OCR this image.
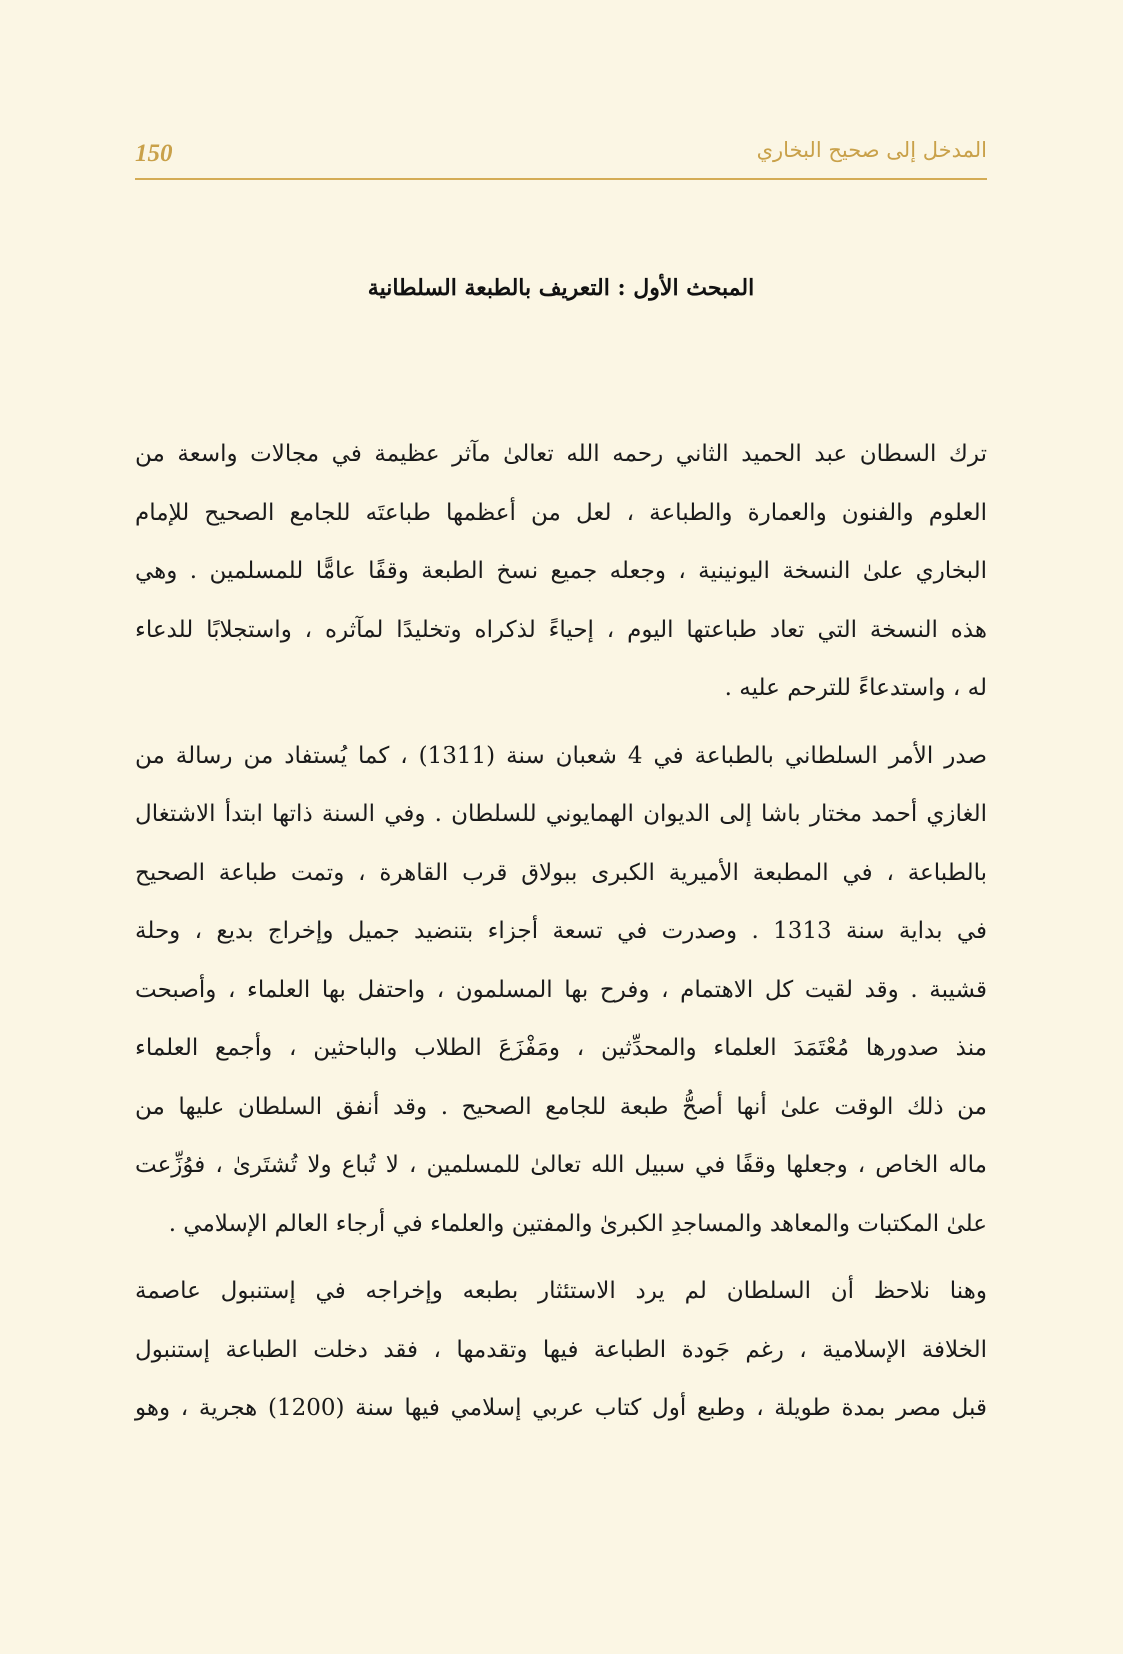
150	المدخل إلى صحيح البخاري
المبحث الأول : التعريف بالطبعة السلطانية

ترك السطان عبد الحميد الثاني رحمه الله تعالىٰ مآثر عظيمة في مجالات واسعة من
العلوم والفنون والعمارة والطباعة ، لعل من أعظمها طباعتَه للجامع الصحيح للإمام
البخاري علىٰ النسخة اليونينية ، وجعله جميع نسخ الطبعة وقفًا عامًّا للمسلمين . وهي
هذه النسخة التي تعاد طباعتها اليوم ، إحياءً لذكراه وتخليدًا لمآثره ، واستجلابًا للدعاء
له ، واستدعاءً للترحم عليه .

صدر الأمر السلطاني بالطباعة في 4 شعبان سنة (1311) ، كما يُستفاد من رسالة من
الغازي أحمد مختار باشا إلى الديوان الهمايوني للسلطان . وفي السنة ذاتها ابتدأ الاشتغال
بالطباعة ، في المطبعة الأميرية الكبرى ببولاق قرب القاهرة ، وتمت طباعة الصحيح
في بداية سنة 1313 . وصدرت في تسعة أجزاء بتنضيد جميل وإخراج بديع ، وحلة
قشيبة . وقد لقيت كل الاهتمام ، وفرح بها المسلمون ، واحتفل بها العلماء ، وأصبحت
منذ صدورها مُعْتَمَدَ العلماء والمحدِّثين ، ومَفْزَعَ الطلاب والباحثين ، وأجمع العلماء
من ذلك الوقت علىٰ أنها أصحُّ طبعة للجامع الصحيح . وقد أنفق السلطان عليها من
ماله الخاص ، وجعلها وقفًا في سبيل الله تعالىٰ للمسلمين ، لا تُباع ولا تُشتَرىٰ ، فوُزِّعت
علىٰ المكتبات والمعاهد والمساجدِ الكبرىٰ والمفتين والعلماء في أرجاء العالم الإسلامي .

وهنا نلاحظ أن السلطان لم يرد الاستئثار بطبعه وإخراجه في إستنبول عاصمة
الخلافة الإسلامية ، رغم جَودة الطباعة فيها وتقدمها ، فقد دخلت الطباعة إستنبول
قبل مصر بمدة طويلة ، وطبع أول كتاب عربي إسلامي فيها سنة (1200) هجرية ، وهو
